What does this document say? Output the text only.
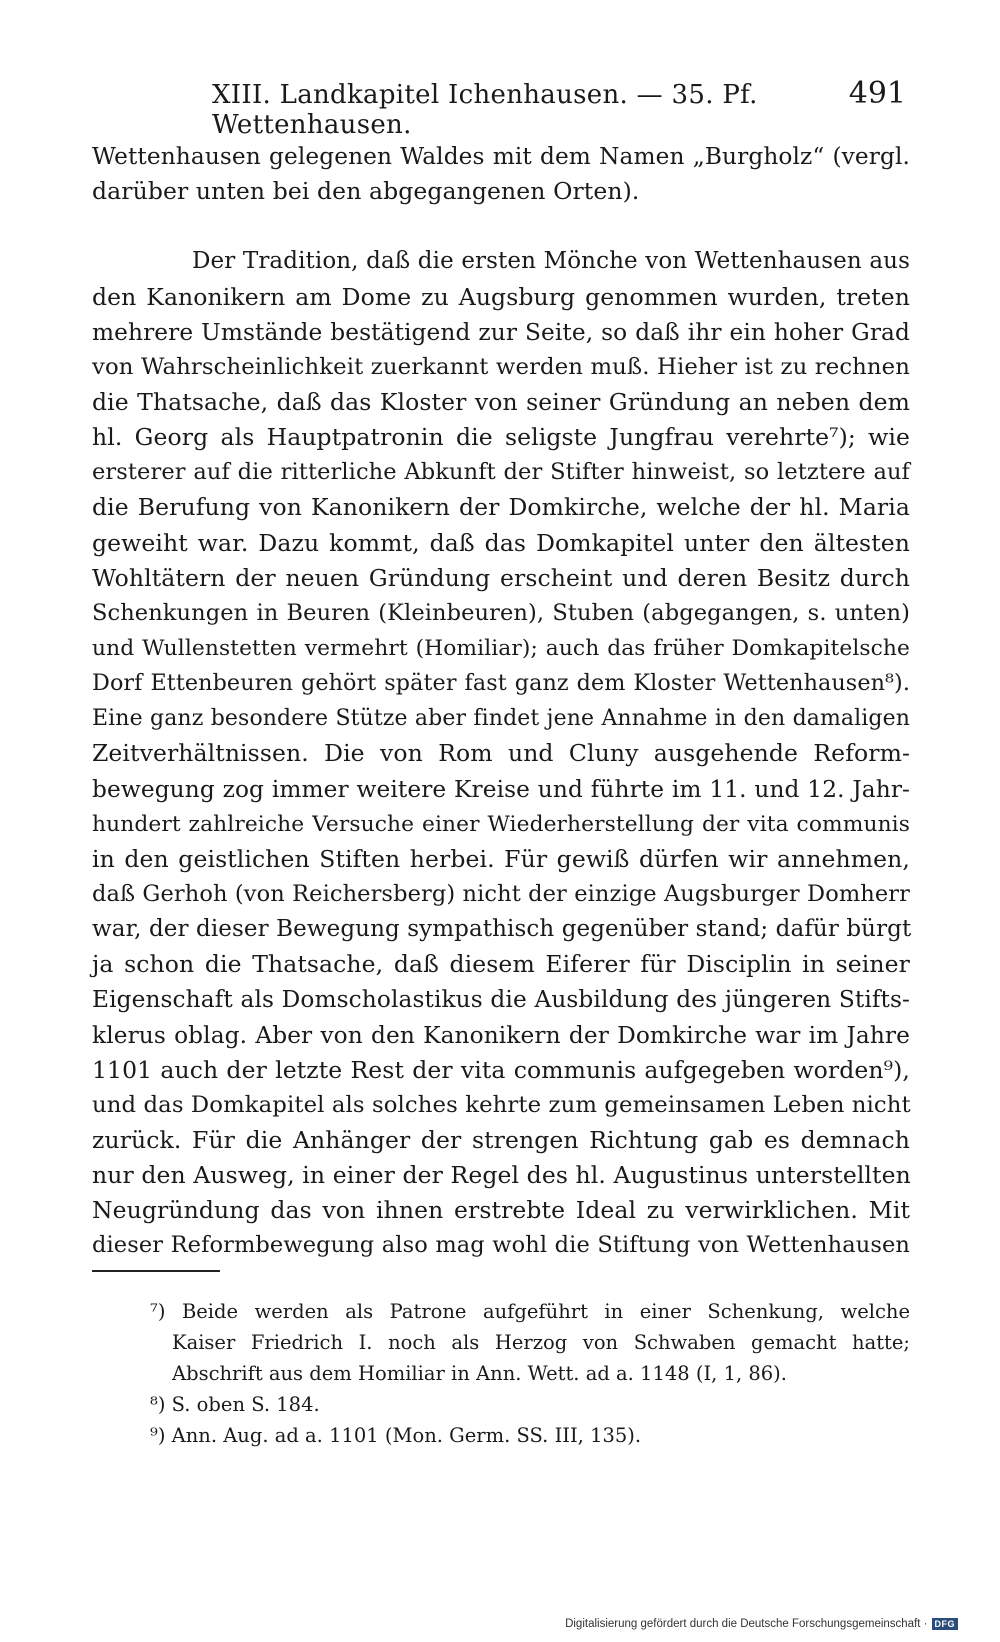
XIII. Landkapitel Ichenhausen. — 35. Pf. Wettenhausen.
491
Wettenhausen gelegenen Waldes mit dem Namen „Burgholz“ (vergl.
darüber unten bei den abgegangenen Orten).
Der Tradition, daß die ersten Mönche von Wettenhausen aus
den Kanonikern am Dome zu Augsburg genommen wurden, treten
mehrere Umstände bestätigend zur Seite, so daß ihr ein hoher Grad
von Wahrscheinlichkeit zuerkannt werden muß. Hieher ist zu rechnen
die Thatsache, daß das Kloster von seiner Gründung an neben dem
hl. Georg als Hauptpatronin die seligste Jungfrau verehrte⁷); wie
ersterer auf die ritterliche Abkunft der Stifter hinweist, so letztere auf
die Berufung von Kanonikern der Domkirche, welche der hl. Maria
geweiht war. Dazu kommt, daß das Domkapitel unter den ältesten
Wohltätern der neuen Gründung erscheint und deren Besitz durch
Schenkungen in Beuren (Kleinbeuren), Stuben (abgegangen, s. unten)
und Wullenstetten vermehrt (Homiliar); auch das früher Domkapitelsche
Dorf Ettenbeuren gehört später fast ganz dem Kloster Wettenhausen⁸).
Eine ganz besondere Stütze aber findet jene Annahme in den damaligen
Zeitverhältnissen. Die von Rom und Cluny ausgehende Reform-
bewegung zog immer weitere Kreise und führte im 11. und 12. Jahr-
hundert zahlreiche Versuche einer Wiederherstellung der vita communis
in den geistlichen Stiften herbei. Für gewiß dürfen wir annehmen,
daß Gerhoh (von Reichersberg) nicht der einzige Augsburger Domherr
war, der dieser Bewegung sympathisch gegenüber stand; dafür bürgt
ja schon die Thatsache, daß diesem Eiferer für Disciplin in seiner
Eigenschaft als Domscholastikus die Ausbildung des jüngeren Stifts-
klerus oblag. Aber von den Kanonikern der Domkirche war im Jahre
1101 auch der letzte Rest der vita communis aufgegeben worden⁹),
und das Domkapitel als solches kehrte zum gemeinsamen Leben nicht
zurück. Für die Anhänger der strengen Richtung gab es demnach
nur den Ausweg, in einer der Regel des hl. Augustinus unterstellten
Neugründung das von ihnen erstrebte Ideal zu verwirklichen. Mit
dieser Reformbewegung also mag wohl die Stiftung von Wettenhausen
⁷) Beide werden als Patrone aufgeführt in einer Schenkung, welche
Kaiser Friedrich I. noch als Herzog von Schwaben gemacht hatte;
Abschrift aus dem Homiliar in Ann. Wett. ad a. 1148 (I, 1, 86).
⁸) S. oben S. 184.
⁹) Ann. Aug. ad a. 1101 (Mon. Germ. SS. III, 135).
Digitalisierung gefördert durch die Deutsche Forschungsgemeinschaft · DFG
